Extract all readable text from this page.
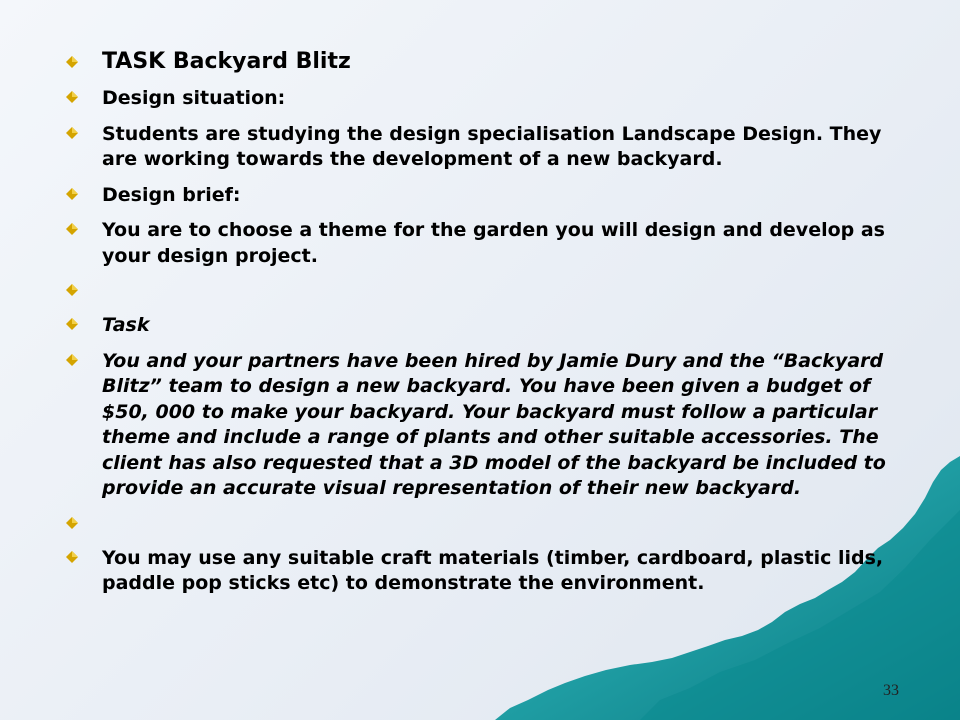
TASK Backyard Blitz
Design situation:
Students are studying the design specialisation Landscape Design. They are working towards the development of a new backyard.
Design brief:
You are to choose a theme for the garden you will design and develop as your design project.
Task
You and your partners have been hired by Jamie Dury and the “Backyard Blitz” team to design a new backyard. You have been given a budget of $50, 000 to make your backyard. Your backyard must follow a particular theme and include a range of plants and other suitable accessories. The client has also requested that a 3D model of the backyard be included to provide an accurate visual representation of their new backyard.
You may use any suitable craft materials (timber, cardboard, plastic lids, paddle pop sticks etc) to demonstrate the environment.
33
